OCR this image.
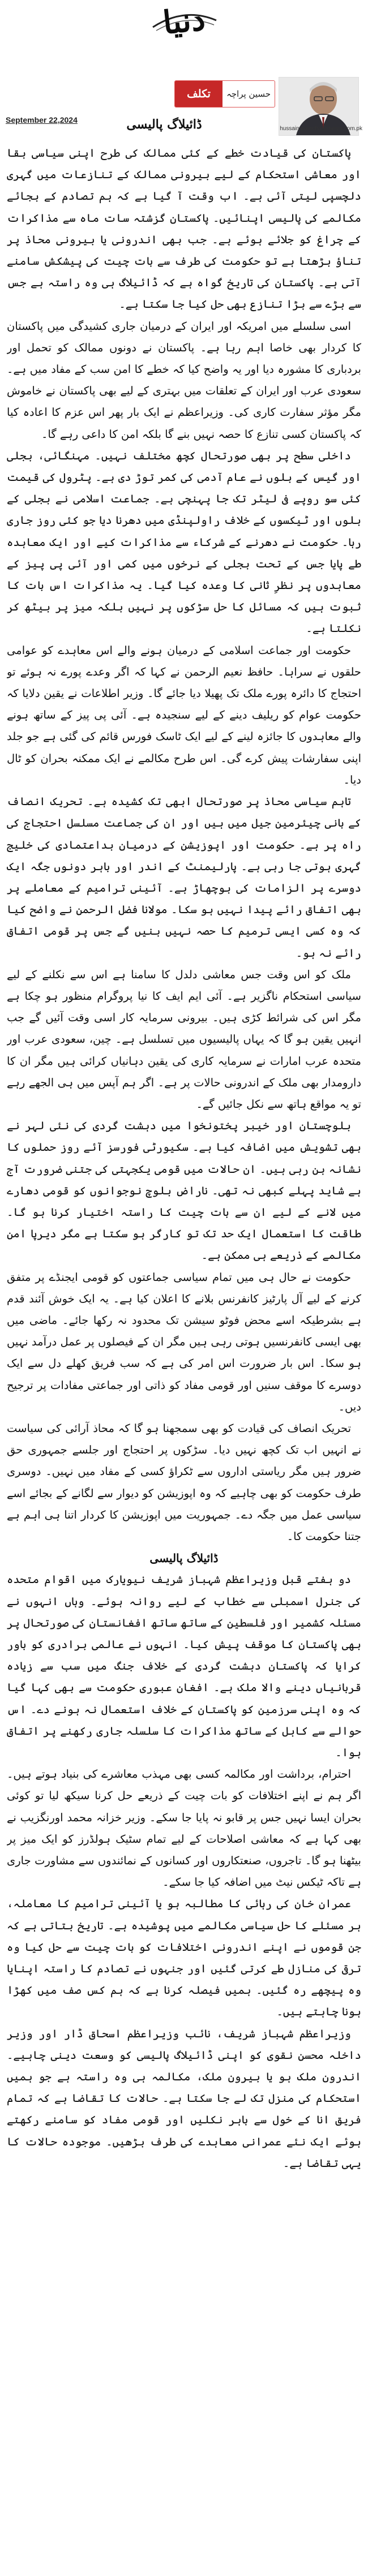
دنیا
تکلف	حسین پراچہ
ڈائیلاگ پالیسی
September 22,2024
hussain.paracha@dunya.com.pk

پاکستان کی قیادت خطے کے کئی ممالک کی طرح اپنی سیاسی بقا اور معاشی استحکام کے لیے بیرونی ممالک کے تنازعات میں گہری دلچسپی لیتی آئی ہے۔ اب وقت آ گیا ہے کہ ہم تصادم کے بجائے مکالمے کی پالیسی اپنائیں۔ پاکستان گزشتہ سات ماہ سے مذاکرات کے چراغ کو جلائے ہوئے ہے۔ جب بھی اندرونی یا بیرونی محاذ پر تناؤ بڑھتا ہے تو حکومت کی طرف سے بات چیت کی پیشکش سامنے آتی ہے۔ پاکستان کی تاریخ گواہ ہے کہ ڈائیلاگ ہی وہ راستہ ہے جس سے بڑے سے بڑا تنازع بھی حل کیا جا سکتا ہے۔

اسی سلسلے میں امریکہ اور ایران کے درمیان جاری کشیدگی میں پاکستان کا کردار بھی خاصا اہم رہا ہے۔ پاکستان نے دونوں ممالک کو تحمل اور بردباری کا مشورہ دیا اور یہ واضح کیا کہ خطے کا امن سب کے مفاد میں ہے۔ سعودی عرب اور ایران کے تعلقات میں بہتری کے لیے بھی پاکستان نے خاموش مگر مؤثر سفارت کاری کی۔ وزیراعظم نے ایک بار پھر اس عزم کا اعادہ کیا کہ پاکستان کسی تنازع کا حصہ نہیں بنے گا بلکہ امن کا داعی رہے گا۔

داخلی سطح پر بھی صورتحال کچھ مختلف نہیں۔ مہنگائی، بجلی اور گیس کے بلوں نے عام آدمی کی کمر توڑ دی ہے۔ پٹرول کی قیمت کئی سو روپے فی لیٹر تک جا پہنچی ہے۔ جماعت اسلامی نے بجلی کے بلوں اور ٹیکسوں کے خلاف راولپنڈی میں دھرنا دیا جو کئی روز جاری رہا۔ حکومت نے دھرنے کے شرکاء سے مذاکرات کیے اور ایک معاہدہ طے پایا جس کے تحت بجلی کے نرخوں میں کمی اور آئی پی پیز کے معاہدوں پر نظرِ ثانی کا وعدہ کیا گیا۔ یہ مذاکرات اس بات کا ثبوت ہیں کہ مسائل کا حل سڑکوں پر نہیں بلکہ میز پر بیٹھ کر نکلتا ہے۔

حکومت اور جماعت اسلامی کے درمیان ہونے والے اس معاہدے کو عوامی حلقوں نے سراہا۔ حافظ نعیم الرحمن نے کہا کہ اگر وعدے پورے نہ ہوئے تو احتجاج کا دائرہ پورے ملک تک پھیلا دیا جائے گا۔ وزیر اطلاعات نے یقین دلایا کہ حکومت عوام کو ریلیف دینے کے لیے سنجیدہ ہے۔ آئی پی پیز کے ساتھ ہونے والے معاہدوں کا جائزہ لینے کے لیے ایک ٹاسک فورس قائم کی گئی ہے جو جلد اپنی سفارشات پیش کرے گی۔ اس طرح مکالمے نے ایک ممکنہ بحران کو ٹال دیا۔

تاہم سیاسی محاذ پر صورتحال ابھی تک کشیدہ ہے۔ تحریک انصاف کے بانی چیئرمین جیل میں ہیں اور ان کی جماعت مسلسل احتجاج کی راہ پر ہے۔ حکومت اور اپوزیشن کے درمیان بداعتمادی کی خلیج گہری ہوتی جا رہی ہے۔ پارلیمنٹ کے اندر اور باہر دونوں جگہ ایک دوسرے پر الزامات کی بوچھاڑ ہے۔ آئینی ترامیم کے معاملے پر بھی اتفاق رائے پیدا نہیں ہو سکا۔ مولانا فضل الرحمن نے واضح کیا کہ وہ کسی ایسی ترمیم کا حصہ نہیں بنیں گے جس پر قومی اتفاق رائے نہ ہو۔

ملک کو اس وقت جس معاشی دلدل کا سامنا ہے اس سے نکلنے کے لیے سیاسی استحکام ناگزیر ہے۔ آئی ایم ایف کا نیا پروگرام منظور ہو چکا ہے مگر اس کی شرائط کڑی ہیں۔ بیرونی سرمایہ کار اسی وقت آئیں گے جب انہیں یقین ہو گا کہ یہاں پالیسیوں میں تسلسل ہے۔ چین، سعودی عرب اور متحدہ عرب امارات نے سرمایہ کاری کی یقین دہانیاں کرائی ہیں مگر ان کا دارومدار بھی ملک کے اندرونی حالات پر ہے۔ اگر ہم آپس میں ہی الجھے رہے تو یہ مواقع ہاتھ سے نکل جائیں گے۔

بلوچستان اور خیبر پختونخوا میں دہشت گردی کی نئی لہر نے بھی تشویش میں اضافہ کیا ہے۔ سکیورٹی فورسز آئے روز حملوں کا نشانہ بن رہی ہیں۔ ان حالات میں قومی یکجہتی کی جتنی ضرورت آج ہے شاید پہلے کبھی نہ تھی۔ ناراض بلوچ نوجوانوں کو قومی دھارے میں لانے کے لیے ان سے بات چیت کا راستہ اختیار کرنا ہو گا۔ طاقت کا استعمال ایک حد تک تو کارگر ہو سکتا ہے مگر دیرپا امن مکالمے کے ذریعے ہی ممکن ہے۔

حکومت نے حال ہی میں تمام سیاسی جماعتوں کو قومی ایجنڈے پر متفق کرنے کے لیے آل پارٹیز کانفرنس بلانے کا اعلان کیا ہے۔ یہ ایک خوش آئند قدم ہے بشرطیکہ اسے محض فوٹو سیشن تک محدود نہ رکھا جائے۔ ماضی میں بھی ایسی کانفرنسیں ہوتی رہی ہیں مگر ان کے فیصلوں پر عمل درآمد نہیں ہو سکا۔ اس بار ضرورت اس امر کی ہے کہ سب فریق کھلے دل سے ایک دوسرے کا موقف سنیں اور قومی مفاد کو ذاتی اور جماعتی مفادات پر ترجیح دیں۔

تحریک انصاف کی قیادت کو بھی سمجھنا ہو گا کہ محاذ آرائی کی سیاست نے انہیں اب تک کچھ نہیں دیا۔ سڑکوں پر احتجاج اور جلسے جمہوری حق ضرور ہیں مگر ریاستی اداروں سے ٹکراؤ کسی کے مفاد میں نہیں۔ دوسری طرف حکومت کو بھی چاہیے کہ وہ اپوزیشن کو دیوار سے لگانے کے بجائے اسے سیاسی عمل میں جگہ دے۔ جمہوریت میں اپوزیشن کا کردار اتنا ہی اہم ہے جتنا حکومت کا۔

ڈائیلاگ پالیسی

دو ہفتے قبل وزیراعظم شہباز شریف نیویارک میں اقوام متحدہ کی جنرل اسمبلی سے خطاب کے لیے روانہ ہوئے۔ وہاں انہوں نے مسئلہ کشمیر اور فلسطین کے ساتھ ساتھ افغانستان کی صورتحال پر بھی پاکستان کا موقف پیش کیا۔ انہوں نے عالمی برادری کو باور کرایا کہ پاکستان دہشت گردی کے خلاف جنگ میں سب سے زیادہ قربانیاں دینے والا ملک ہے۔ افغان عبوری حکومت سے بھی کہا گیا کہ وہ اپنی سرزمین کو پاکستان کے خلاف استعمال نہ ہونے دے۔ اس حوالے سے کابل کے ساتھ مذاکرات کا سلسلہ جاری رکھنے پر اتفاق ہوا۔

احترام، برداشت اور مکالمہ کسی بھی مہذب معاشرے کی بنیاد ہوتے ہیں۔ اگر ہم نے اپنے اختلافات کو بات چیت کے ذریعے حل کرنا سیکھ لیا تو کوئی بحران ایسا نہیں جس پر قابو نہ پایا جا سکے۔ وزیر خزانہ محمد اورنگزیب نے بھی کہا ہے کہ معاشی اصلاحات کے لیے تمام سٹیک ہولڈرز کو ایک میز پر بیٹھنا ہو گا۔ تاجروں، صنعتکاروں اور کسانوں کے نمائندوں سے مشاورت جاری ہے تاکہ ٹیکس نیٹ میں اضافہ کیا جا سکے۔

عمران خان کی رہائی کا مطالبہ ہو یا آئینی ترامیم کا معاملہ، ہر مسئلے کا حل سیاسی مکالمے میں پوشیدہ ہے۔ تاریخ بتاتی ہے کہ جن قوموں نے اپنے اندرونی اختلافات کو بات چیت سے حل کیا وہ ترقی کی منازل طے کرتی گئیں اور جنہوں نے تصادم کا راستہ اپنایا وہ پیچھے رہ گئیں۔ ہمیں فیصلہ کرنا ہے کہ ہم کس صف میں کھڑا ہونا چاہتے ہیں۔

وزیراعظم شہباز شریف، نائب وزیراعظم اسحاق ڈار اور وزیر داخلہ محسن نقوی کو اپنی ڈائیلاگ پالیسی کو وسعت دینی چاہیے۔ اندرون ملک ہو یا بیرون ملک، مکالمہ ہی وہ راستہ ہے جو ہمیں استحکام کی منزل تک لے جا سکتا ہے۔ حالات کا تقاضا ہے کہ تمام فریق انا کے خول سے باہر نکلیں اور قومی مفاد کو سامنے رکھتے ہوئے ایک نئے عمرانی معاہدے کی طرف بڑھیں۔ موجودہ حالات کا یہی تقاضا ہے۔
